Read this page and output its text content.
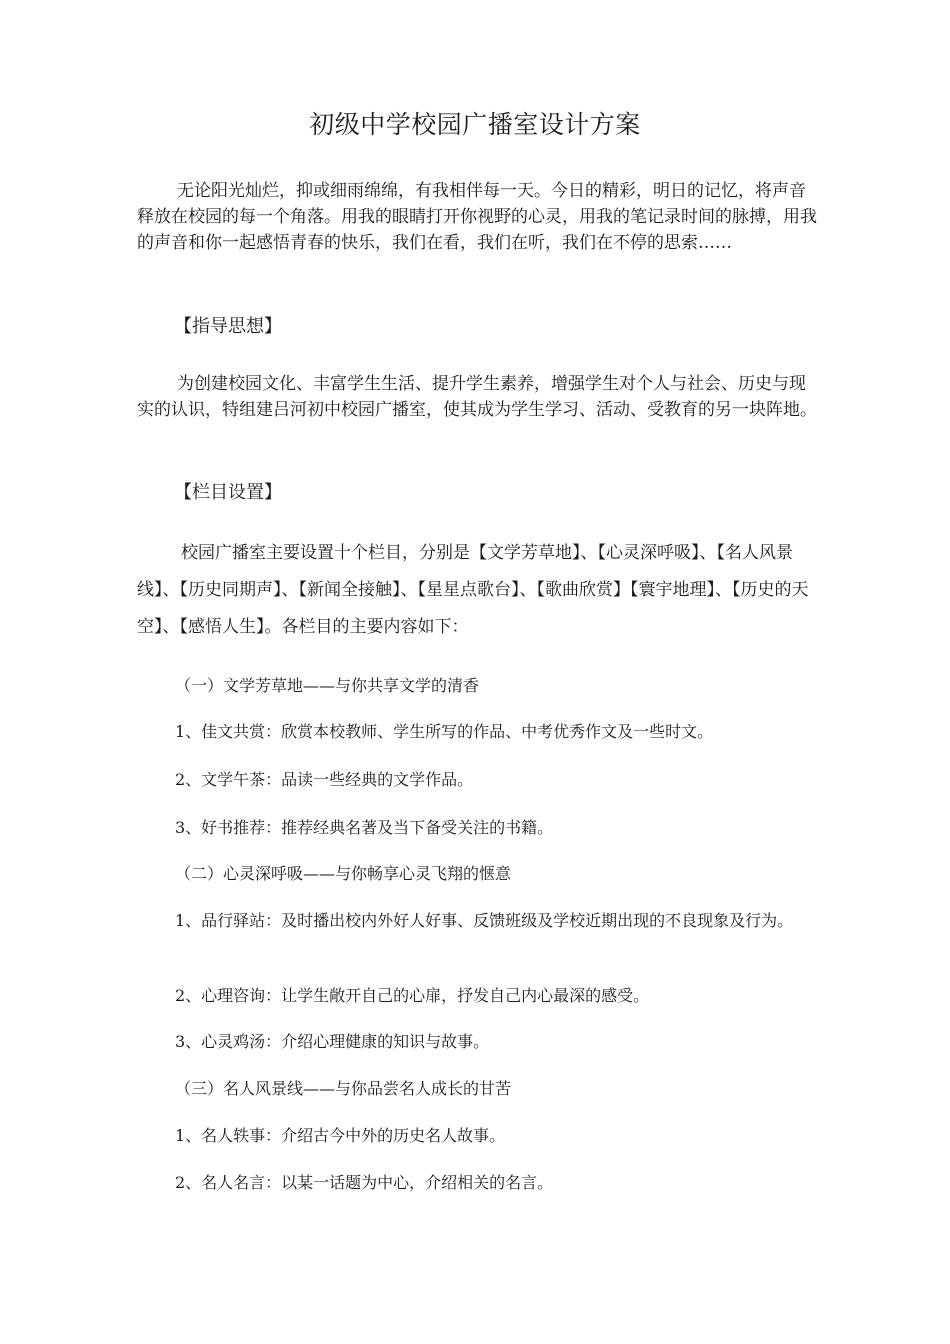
初级中学校园广播室设计方案
无论阳光灿烂，抑或细雨绵绵，有我相伴每一天。今日的精彩，明日的记忆，将声音释放在校园的每一个角落。用我的眼睛打开你视野的心灵，用我的笔记录时间的脉搏，用我的声音和你一起感悟青春的快乐，我们在看，我们在听，我们在不停的思索……
【指导思想】
为创建校园文化、丰富学生生活、提升学生素养，增强学生对个人与社会、历史与现实的认识，特组建吕河初中校园广播室，使其成为学生学习、活动、受教育的另一块阵地。
【栏目设置】
校园广播室主要设置十个栏目，分别是【文学芳草地】、【心灵深呼吸】、【名人风景线】、【历史同期声】、【新闻全接触】、【星星点歌台】、【歌曲欣赏】【寰宇地理】、【历史的天空】、【感悟人生】。各栏目的主要内容如下：
（一）文学芳草地——与你共享文学的清香
1、佳文共赏：欣赏本校教师、学生所写的作品、中考优秀作文及一些时文。
2、文学午茶：品读一些经典的文学作品。
3、好书推荐：推荐经典名著及当下备受关注的书籍。
（二）心灵深呼吸——与你畅享心灵飞翔的惬意
1、品行驿站：及时播出校内外好人好事、反馈班级及学校近期出现的不良现象及行为。
2、心理咨询：让学生敞开自己的心扉，抒发自己内心最深的感受。
3、心灵鸡汤：介绍心理健康的知识与故事。
（三）名人风景线——与你品尝名人成长的甘苦
1、名人轶事：介绍古今中外的历史名人故事。
2、名人名言：以某一话题为中心，介绍相关的名言。
